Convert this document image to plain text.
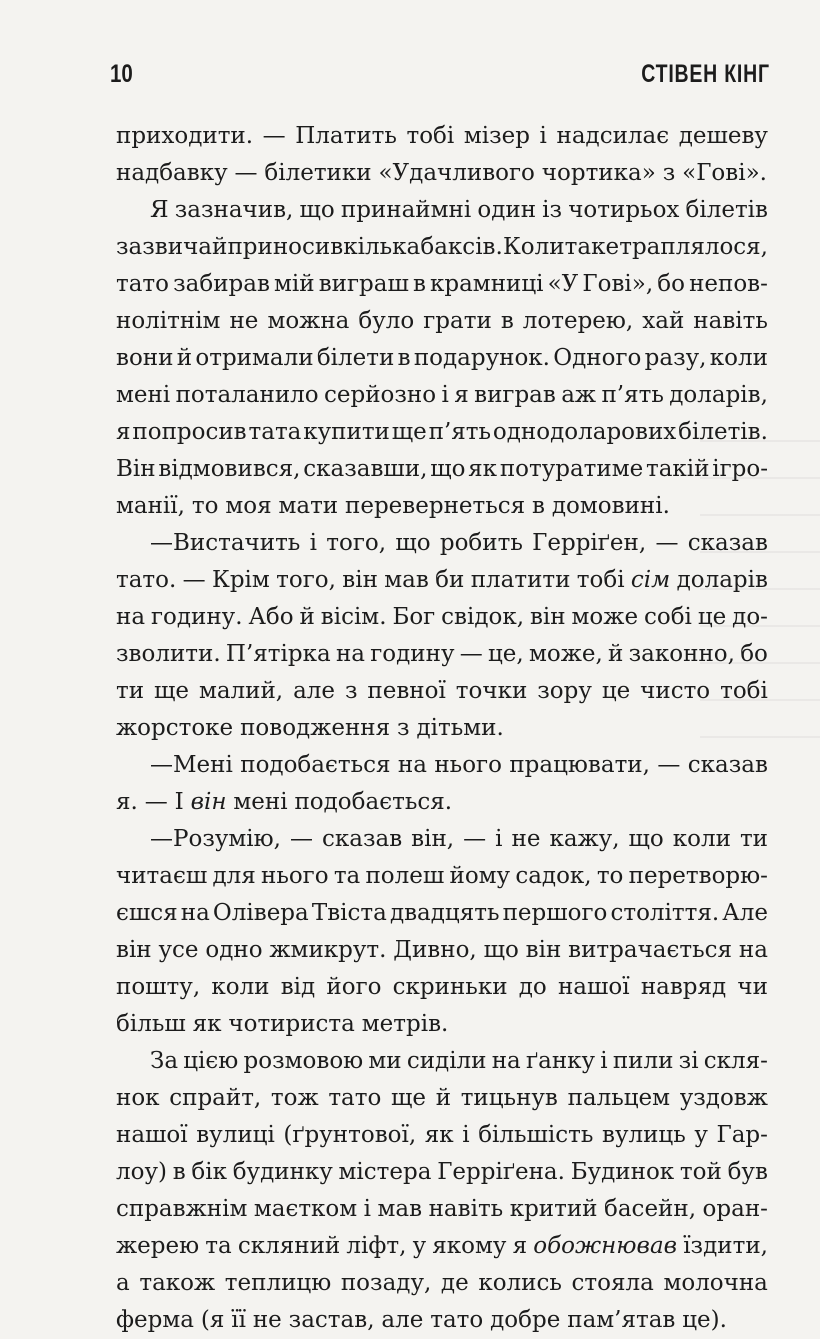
10	СТІВЕН КІНГ
приходити. — Платить тобі мізер і надсилає дешеву
надбавку — білетики «Удачливого чортика» з «Гові».
Я зазначив, що принаймні один із чотирьох білетів
зазвичай приносив кілька баксів. Коли таке траплялося,
тато забирав мій виграш в крамниці «У Гові», бо непов-
нолітнім не можна було грати в лотерею, хай навіть
вони й отримали білети в подарунок. Одного разу, коли
мені поталанило серйозно і я виграв аж п’ять доларів,
я попросив тата купити ще п’ять однодоларових білетів.
Він відмовився, сказавши, що як потуратиме такій ігро-
манії, то моя мати перевернеться в домовині.
—Вистачить і того, що робить Герріґен, — сказав
тато. — Крім того, він мав би платити тобі сім доларів
на годину. Або й вісім. Бог свідок, він може собі це до-
зволити. П’ятірка на годину — це, може, й законно, бо
ти ще малий, але з певної точки зору це чисто тобі
жорстоке поводження з дітьми.
—Мені подобається на нього працювати, — сказав
я. — І він мені подобається.
—Розумію, — сказав він, — і не кажу, що коли ти
читаєш для нього та полеш йому садок, то перетворю-
єшся на Олівера Твіста двадцять першого століття. Але
він усе одно жмикрут. Дивно, що він витрачається на
пошту, коли від його скриньки до нашої навряд чи
більш як чотириста метрів.
За цією розмовою ми сиділи на ґанку і пили зі скля-
нок спрайт, тож тато ще й тицьнув пальцем уздовж
нашої вулиці (ґрунтової, як і більшість вулиць у Гар-
лоу) в бік будинку містера Герріґена. Будинок той був
справжнім маєтком і мав навіть критий басейн, оран-
жерею та скляний ліфт, у якому я обожнював їздити,
а також теплицю позаду, де колись стояла молочна
ферма (я її не застав, але тато добре пам’ятав це).
